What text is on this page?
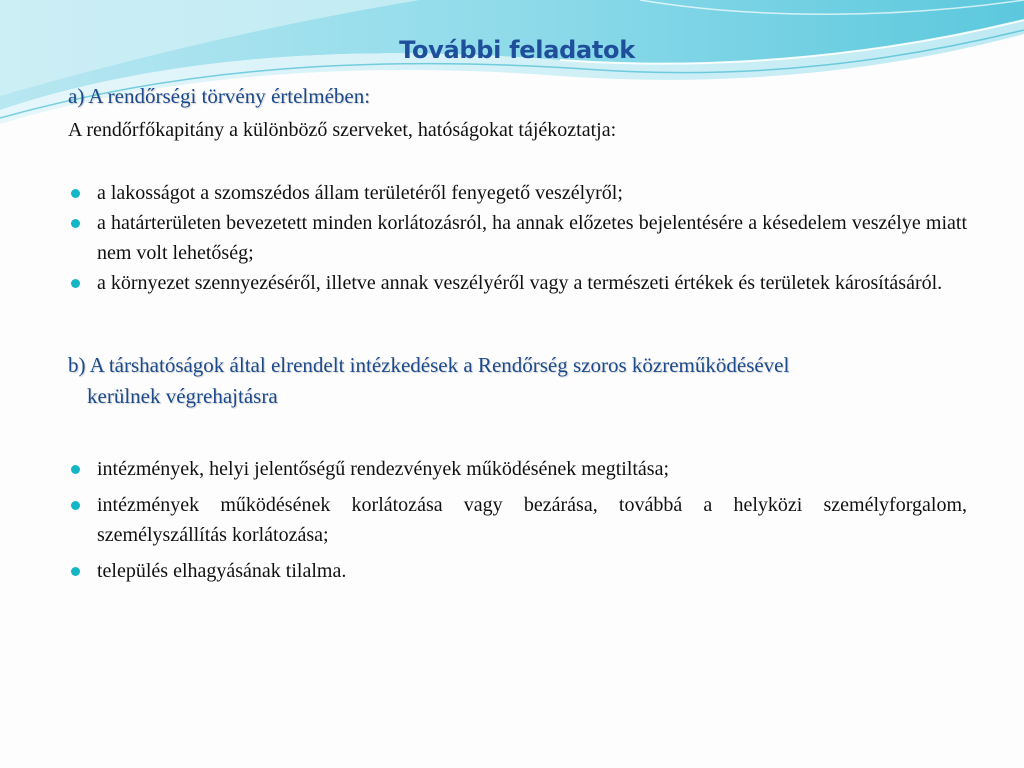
További feladatok
a) A rendőrségi törvény értelmében:
A rendőrfőkapitány a különböző szerveket, hatóságokat tájékoztatja:
a lakosságot a szomszédos állam területéről fenyegető veszélyről;
a határterületen bevezetett minden korlátozásról, ha annak előzetes bejelentésére a késedelem veszélye miatt nem volt lehetőség;
a környezet szennyezéséről, illetve annak veszélyéről vagy a természeti értékek és területek károsításáról.
b) A társhatóságok által elrendelt intézkedések a Rendőrség szoros közreműködésével
kerülnek végrehajtásra
intézmények, helyi jelentőségű rendezvények működésének megtiltása;
intézmények működésének korlátozása vagy bezárása, továbbá a helyközi személyforgalom, személyszállítás korlátozása;
település elhagyásának tilalma.
